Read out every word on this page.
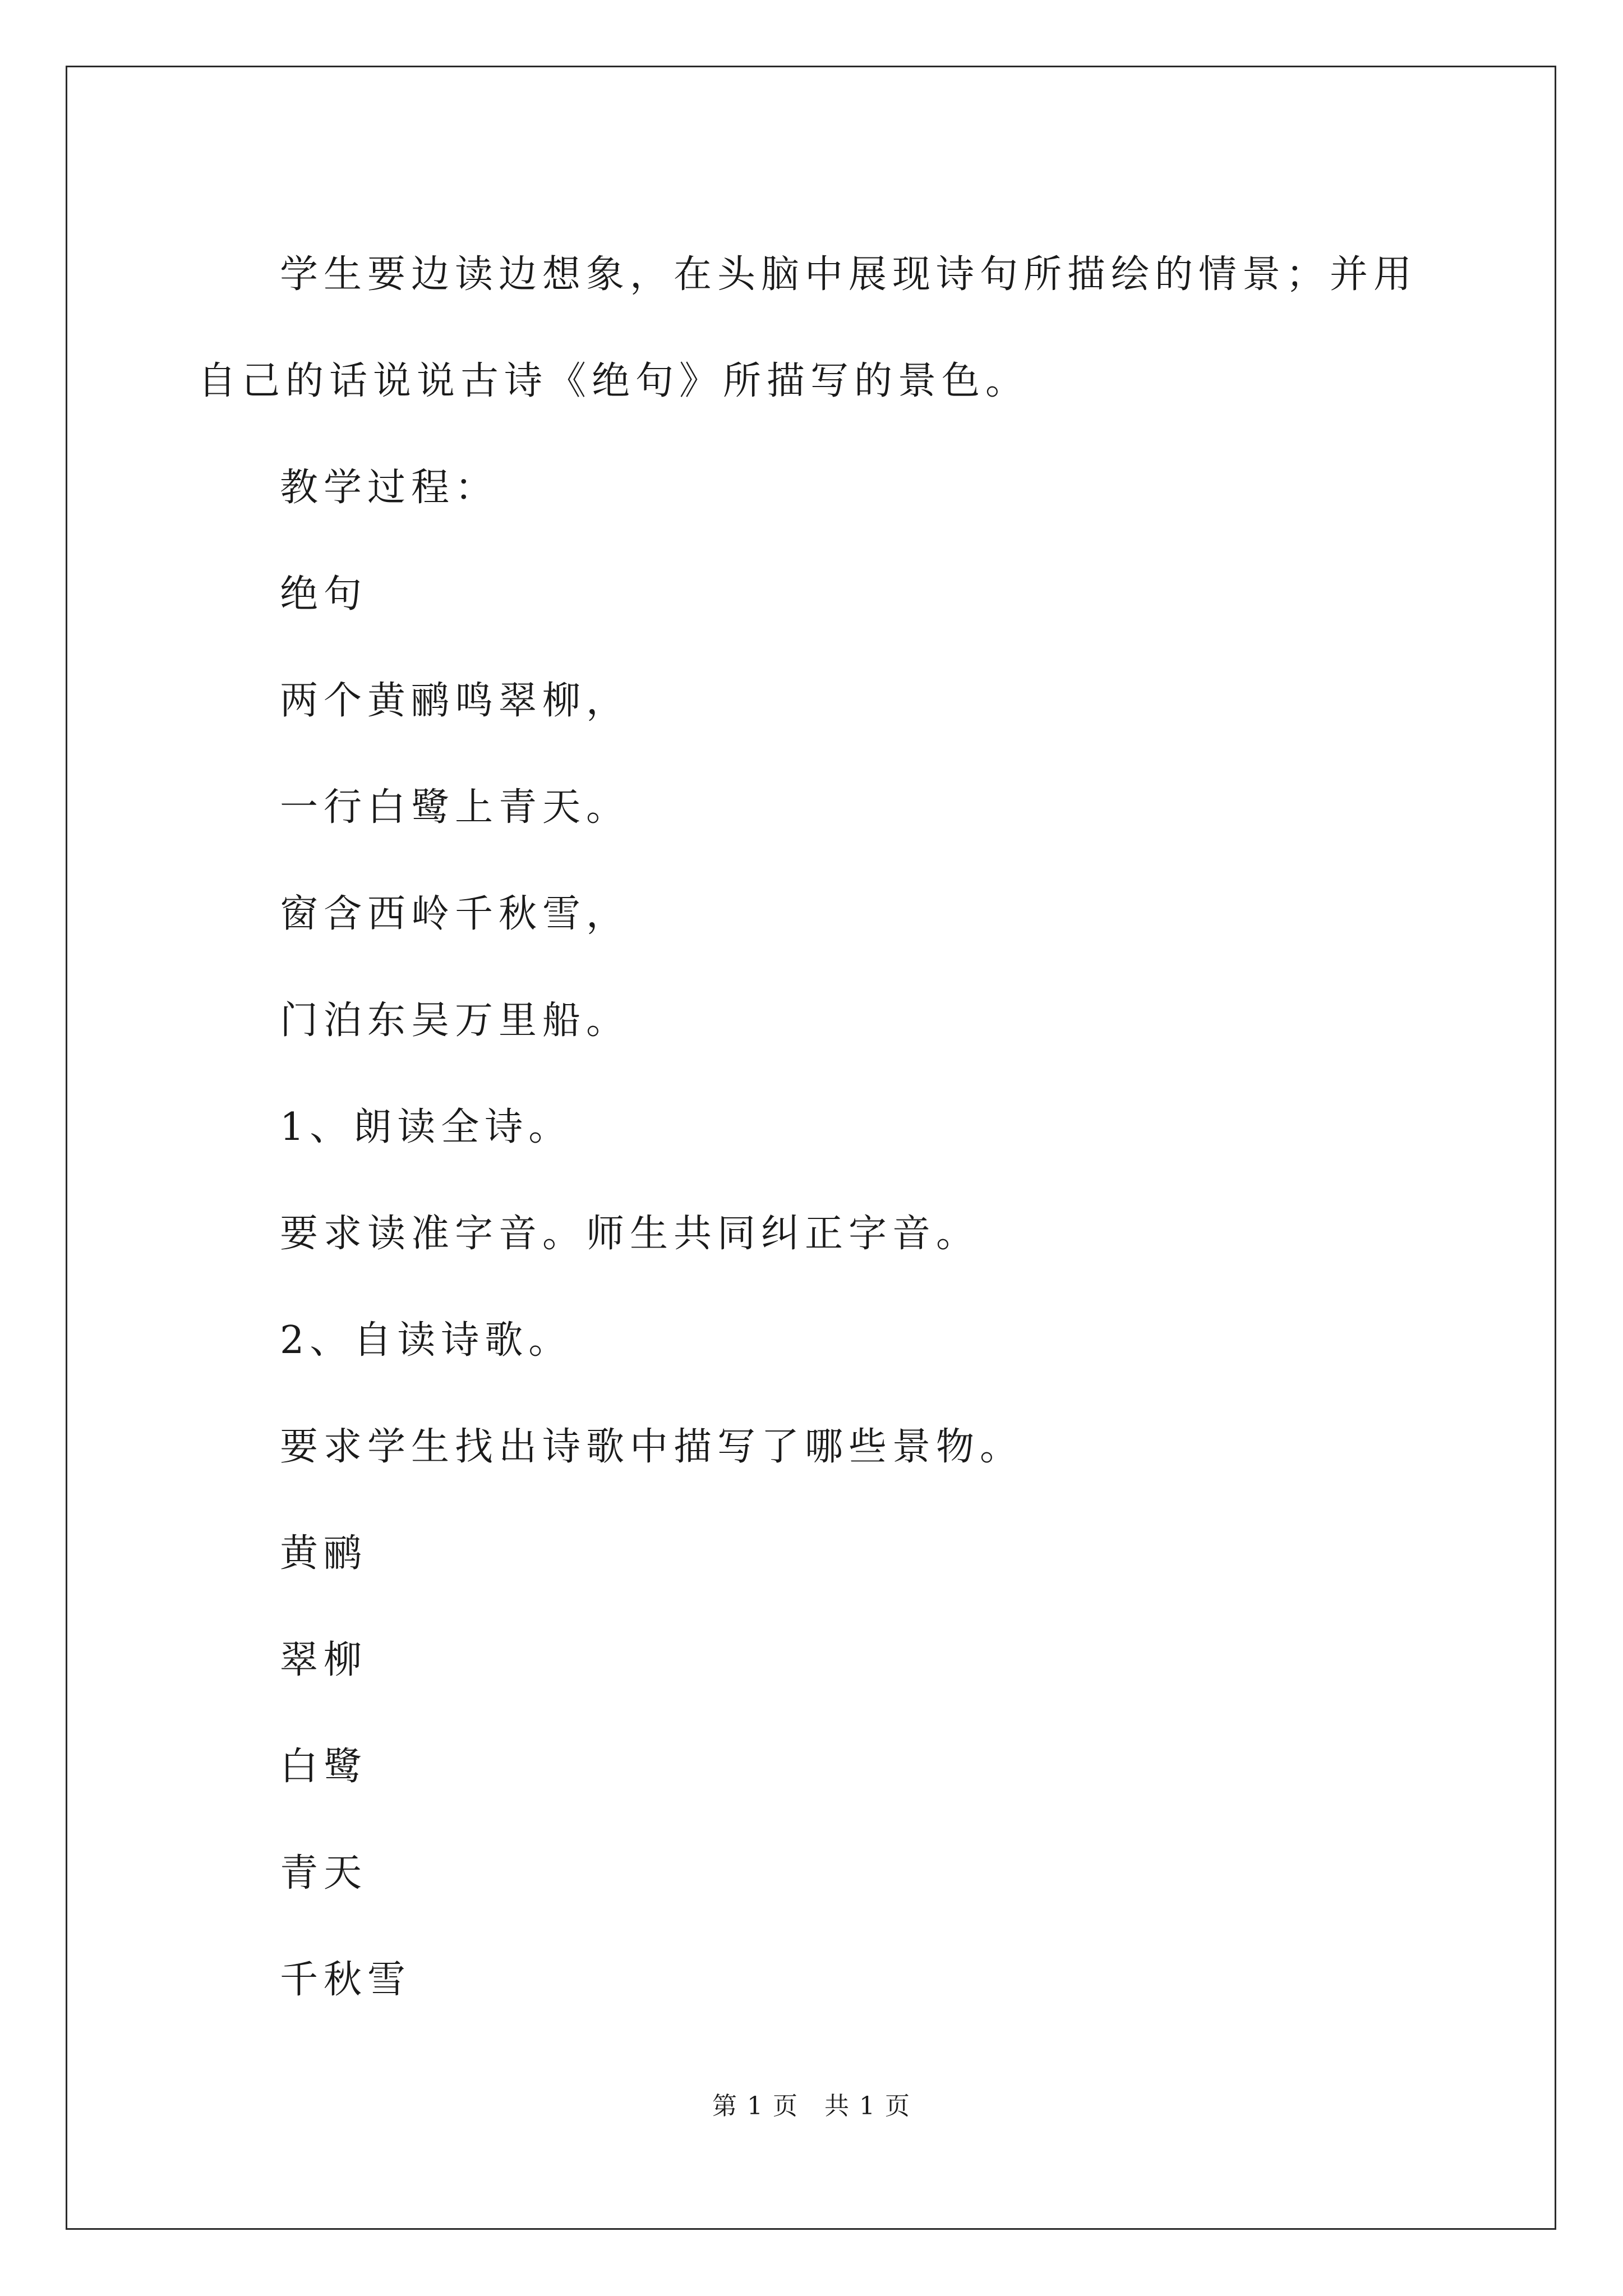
学生要边读边想象，在头脑中展现诗句所描绘的情景；并用自己的话说说古诗《绝句》所描写的景色。

教学过程：

绝句

两个黄鹂鸣翠柳，

一行白鹭上青天。

窗含西岭千秋雪，

门泊东吴万里船。

1、朗读全诗。

要求读准字音。师生共同纠正字音。

2、自读诗歌。

要求学生找出诗歌中描写了哪些景物。

黄鹂

翠柳

白鹭

青天

千秋雪

第 1 页　共 1 页
